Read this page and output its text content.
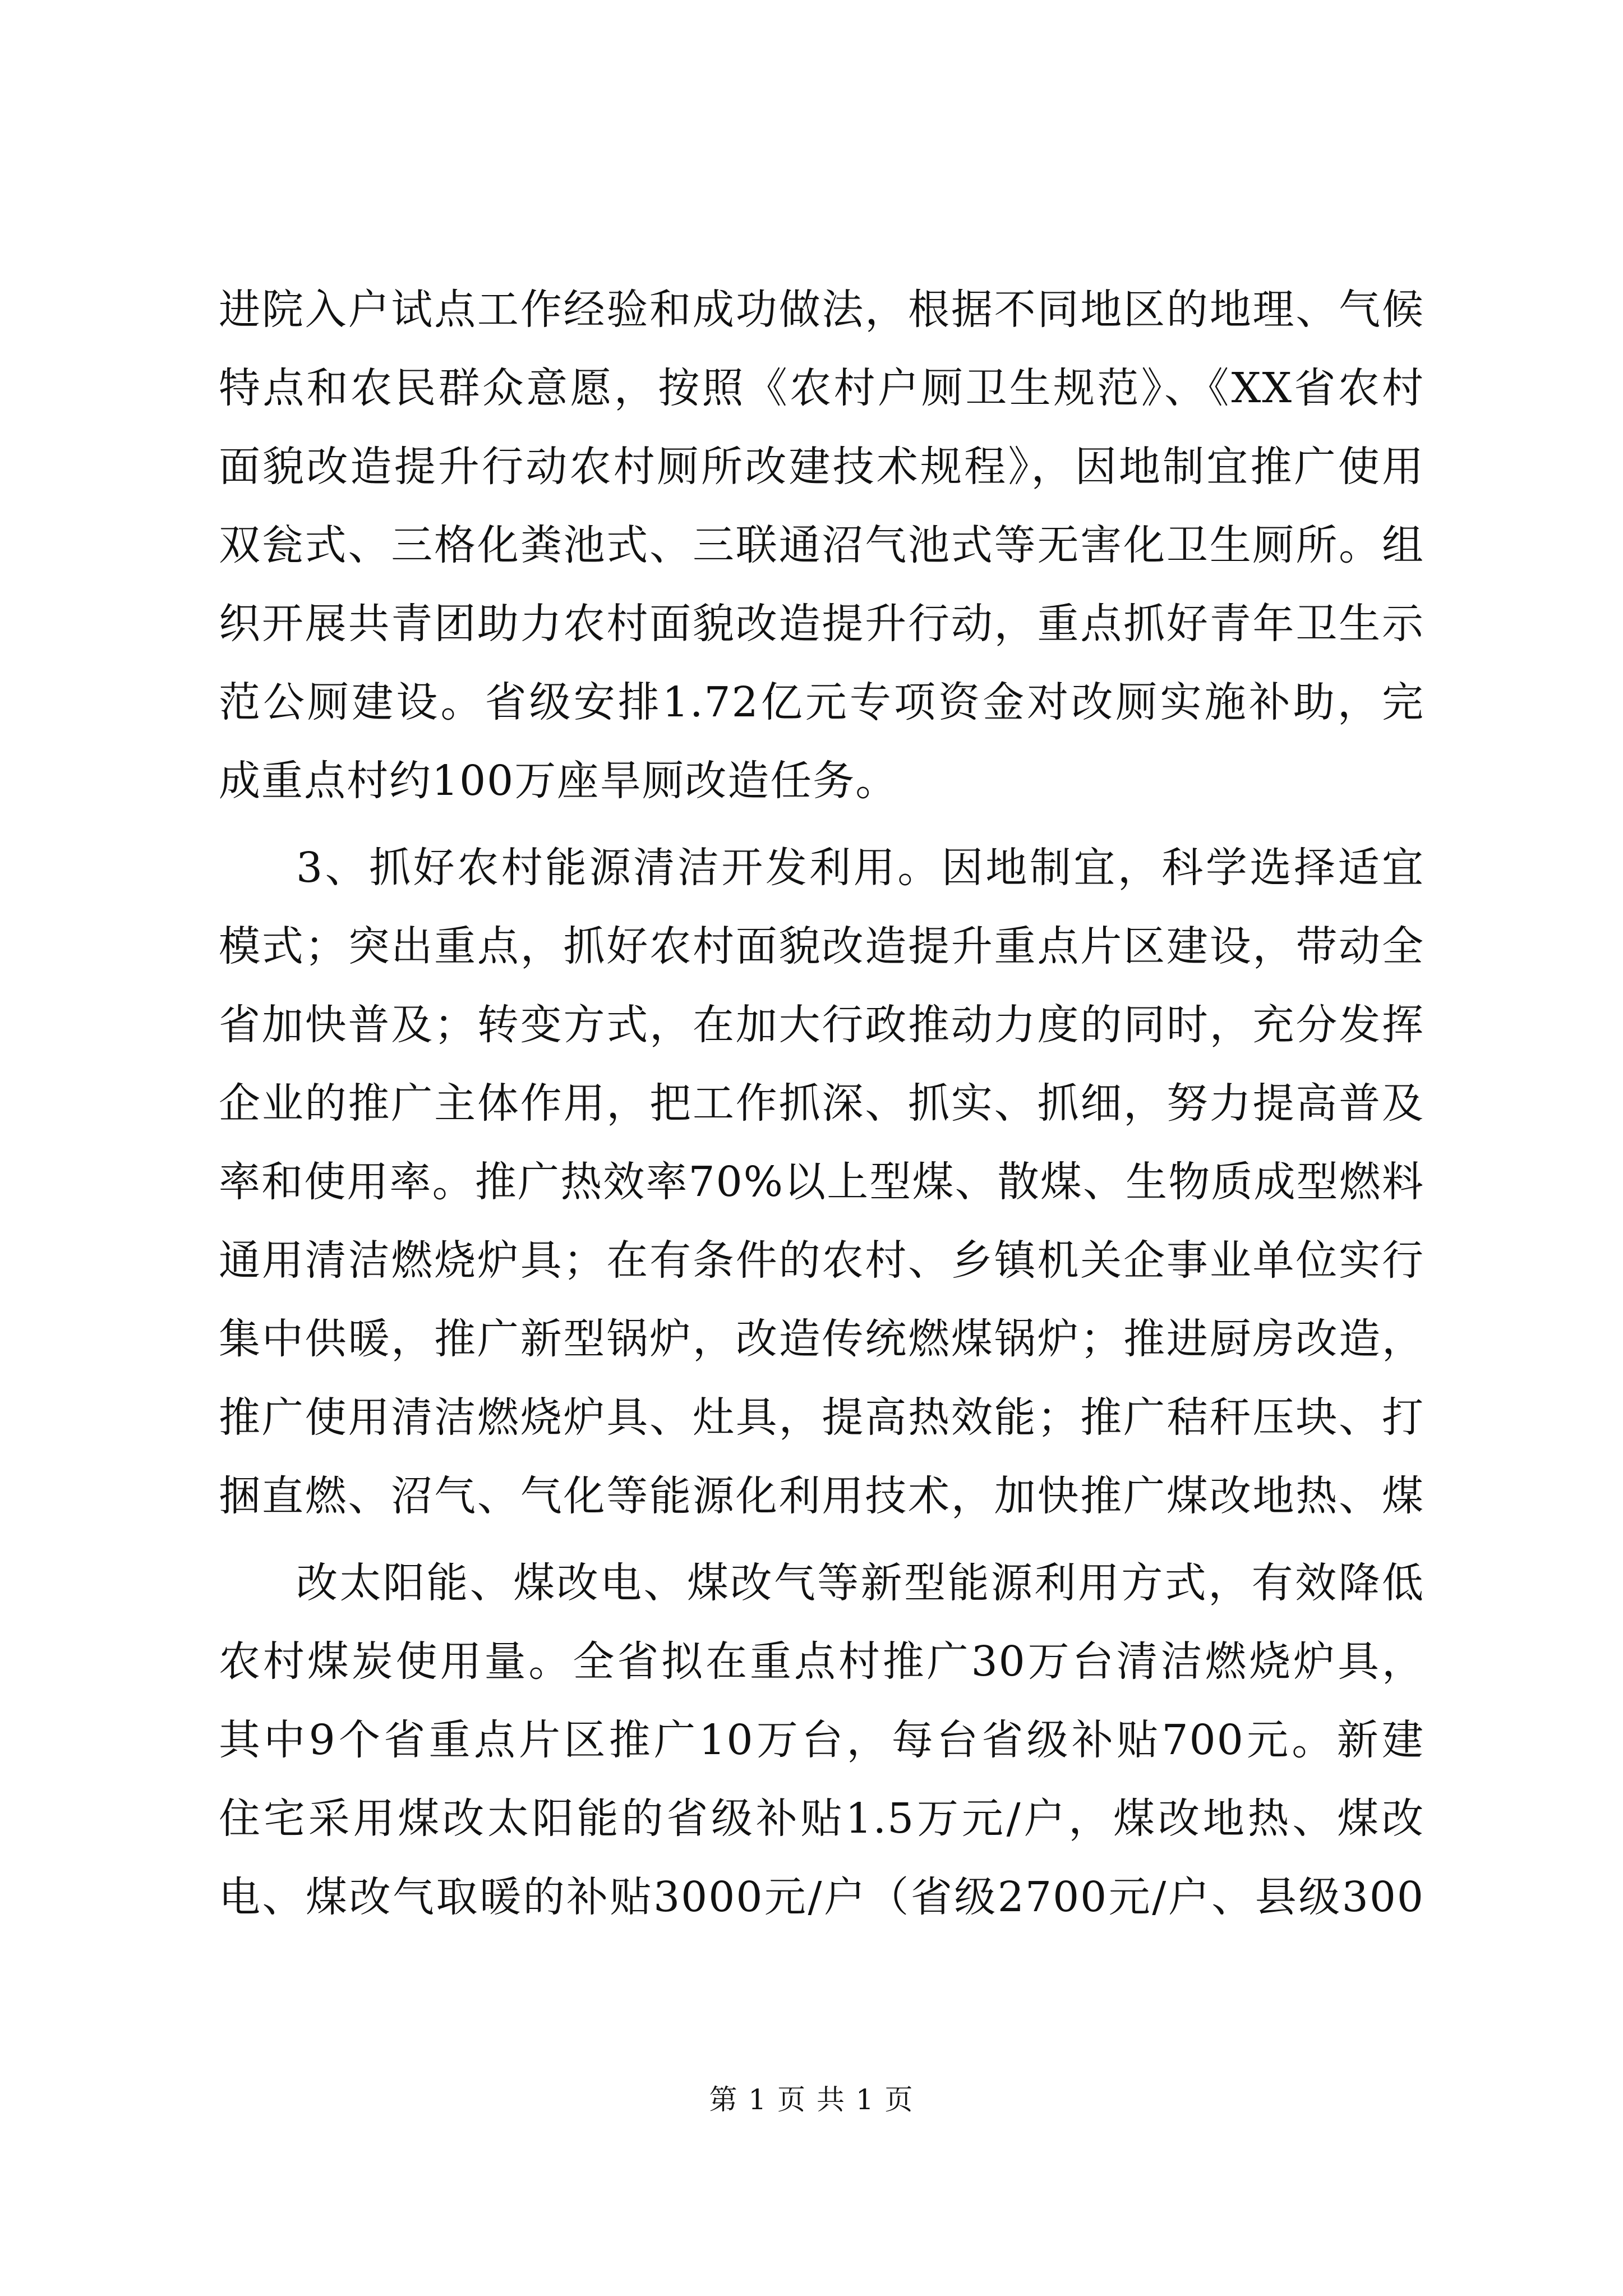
进院入户试点工作经验和成功做法，根据不同地区的地理、气候
特点和农民群众意愿，按照《农村户厕卫生规范》、《XX省农村
面貌改造提升行动农村厕所改建技术规程》，因地制宜推广使用
双瓮式、三格化粪池式、三联通沼气池式等无害化卫生厕所。组
织开展共青团助力农村面貌改造提升行动，重点抓好青年卫生示
范公厕建设。省级安排1.72亿元专项资金对改厕实施补助，完
成重点村约100万座旱厕改造任务。
3、抓好农村能源清洁开发利用。因地制宜，科学选择适宜
模式；突出重点，抓好农村面貌改造提升重点片区建设，带动全
省加快普及；转变方式，在加大行政推动力度的同时，充分发挥
企业的推广主体作用，把工作抓深、抓实、抓细，努力提高普及
率和使用率。推广热效率70%以上型煤、散煤、生物质成型燃料
通用清洁燃烧炉具；在有条件的农村、乡镇机关企事业单位实行
集中供暖，推广新型锅炉，改造传统燃煤锅炉；推进厨房改造，
推广使用清洁燃烧炉具、灶具，提高热效能；推广秸秆压块、打
捆直燃、沼气、气化等能源化利用技术，加快推广煤改地热、煤
改太阳能、煤改电、煤改气等新型能源利用方式，有效降低
农村煤炭使用量。全省拟在重点村推广30万台清洁燃烧炉具，
其中9个省重点片区推广10万台，每台省级补贴700元。新建
住宅采用煤改太阳能的省级补贴1.5万元/户，煤改地热、煤改
电、煤改气取暖的补贴3000元/户（省级2700元/户、县级300
第 1 页 共 1 页
